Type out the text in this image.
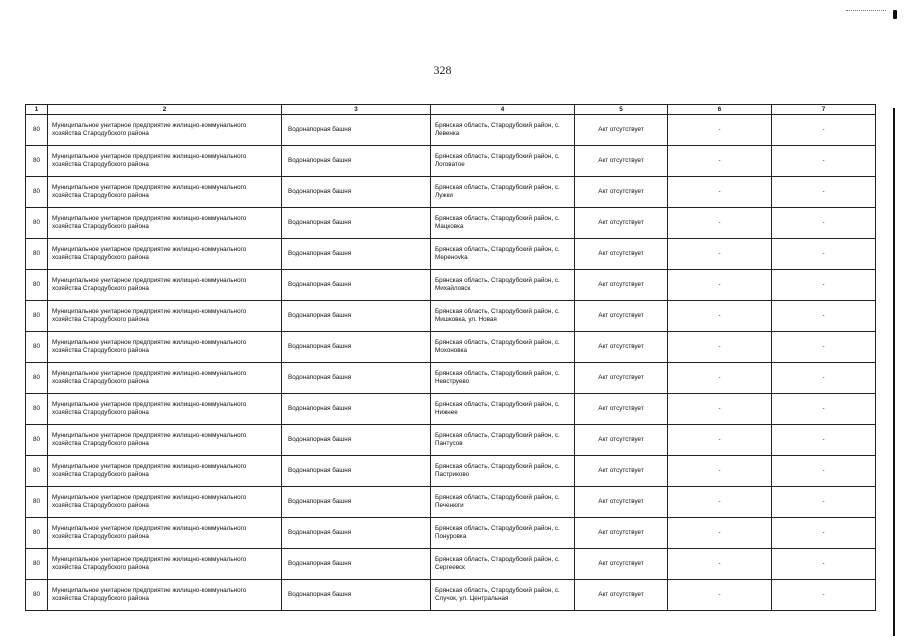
328
1	2	3	4	5	6	7
80	Муниципальное унитарное предприятие жилищно-коммунального хозяйства Стародубского района	Водонапорная башня	Брянская область, Стародубский район, с. Левенка	Акт отсутствует	-	-
80	Муниципальное унитарное предприятие жилищно-коммунального хозяйства Стародубского района	Водонапорная башня	Брянская область, Стародубский район, с. Логоватое	Акт отсутствует	-	-
80	Муниципальное унитарное предприятие жилищно-коммунального хозяйства Стародубского района	Водонапорная башня	Брянская область, Стародубский район, с. Лужки	Акт отсутствует	-	-
80	Муниципальное унитарное предприятие жилищно-коммунального хозяйства Стародубского района	Водонапорная башня	Брянская область, Стародубский район, с. Мацковка	Акт отсутствует	-	-
80	Муниципальное унитарное предприятие жилищно-коммунального хозяйства Стародубского района	Водонапорная башня	Брянская область, Стародубский район, с. Меренovka	Акт отсутствует	-	-
80	Муниципальное унитарное предприятие жилищно-коммунального хозяйства Стародубского района	Водонапорная башня	Брянская область, Стародубский район, с. Михайловск	Акт отсутствует	-	-
80	Муниципальное унитарное предприятие жилищно-коммунального хозяйства Стародубского района	Водонапорная башня	Брянская область, Стародубский район, с. Мишковка, ул. Новая	Акт отсутствует	-	-
80	Муниципальное унитарное предприятие жилищно-коммунального хозяйства Стародубского района	Водонапорная башня	Брянская область, Стародубский район, с. Мохоновка	Акт отсутствует	-	-
80	Муниципальное унитарное предприятие жилищно-коммунального хозяйства Стародубского района	Водонапорная башня	Брянская область, Стародубский район, с. Невструево	Акт отсутствует	-	-
80	Муниципальное унитарное предприятие жилищно-коммунального хозяйства Стародубского района	Водонапорная башня	Брянская область, Стародубский район, с. Нижнее	Акт отсутствует	-	-
80	Муниципальное унитарное предприятие жилищно-коммунального хозяйства Стародубского района	Водонапорная башня	Брянская область, Стародубский район, с. Пантусов	Акт отсутствует	-	-
80	Муниципальное унитарное предприятие жилищно-коммунального хозяйства Стародубского района	Водонапорная башня	Брянская область, Стародубский район, с. Пастриково	Акт отсутствует	-	-
80	Муниципальное унитарное предприятие жилищно-коммунального хозяйства Стародубского района	Водонапорная башня	Брянская область, Стародубский район, с. Печенюги	Акт отсутствует	-	-
80	Муниципальное унитарное предприятие жилищно-коммунального хозяйства Стародубского района	Водонапорная башня	Брянская область, Стародубский район, с. Понуровка	Акт отсутствует	-	-
80	Муниципальное унитарное предприятие жилищно-коммунального хозяйства Стародубского района	Водонапорная башня	Брянская область, Стародубский район, с. Сергеевск	Акт отсутствует	-	-
80	Муниципальное унитарное предприятие жилищно-коммунального хозяйства Стародубского района	Водонапорная башня	Брянская область, Стародубский район, с. Случок, ул. Центральная	Акт отсутствует	-	-
